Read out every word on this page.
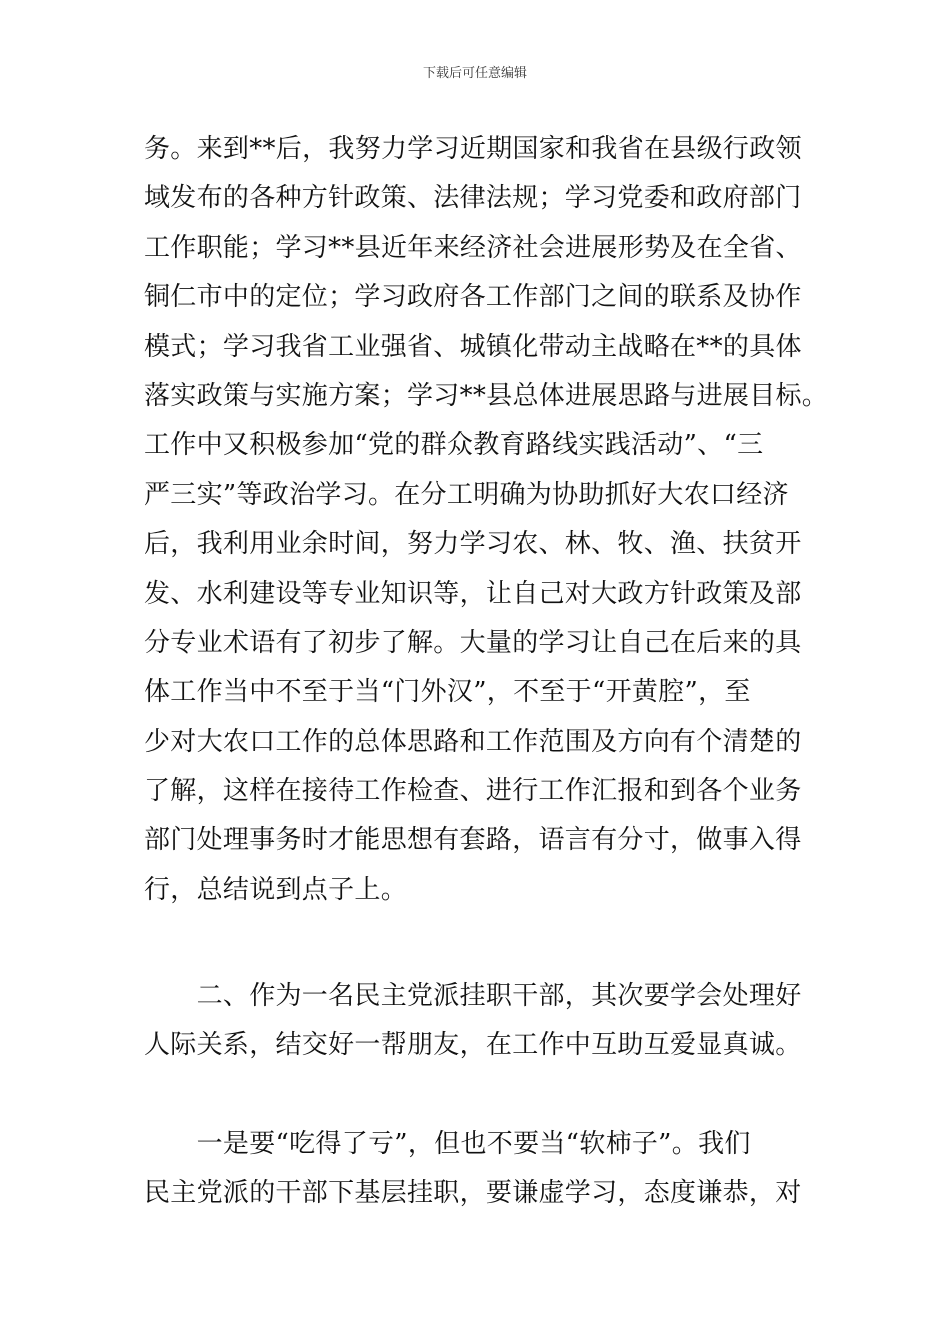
下载后可任意编辑
务。来到**后，我努力学习近期国家和我省在县级行政领
域发布的各种方针政策、法律法规；学习党委和政府部门
工作职能；学习**县近年来经济社会进展形势及在全省、
铜仁市中的定位；学习政府各工作部门之间的联系及协作
模式；学习我省工业强省、城镇化带动主战略在**的具体
落实政策与实施方案；学习**县总体进展思路与进展目标。
工作中又积极参加“党的群众教育路线实践活动”、“三
严三实”等政治学习。在分工明确为协助抓好大农口经济
后，我利用业余时间，努力学习农、林、牧、渔、扶贫开
发、水利建设等专业知识等，让自己对大政方针政策及部
分专业术语有了初步了解。大量的学习让自己在后来的具
体工作当中不至于当“门外汉”，不至于“开黄腔”，至
少对大农口工作的总体思路和工作范围及方向有个清楚的
了解，这样在接待工作检查、进行工作汇报和到各个业务
部门处理事务时才能思想有套路，语言有分寸，做事入得
行，总结说到点子上。
　　二、作为一名民主党派挂职干部，其次要学会处理好
人际关系，结交好一帮朋友，在工作中互助互爱显真诚。
　　一是要“吃得了亏”，但也不要当“软柿子”。我们
民主党派的干部下基层挂职，要谦虚学习，态度谦恭，对
